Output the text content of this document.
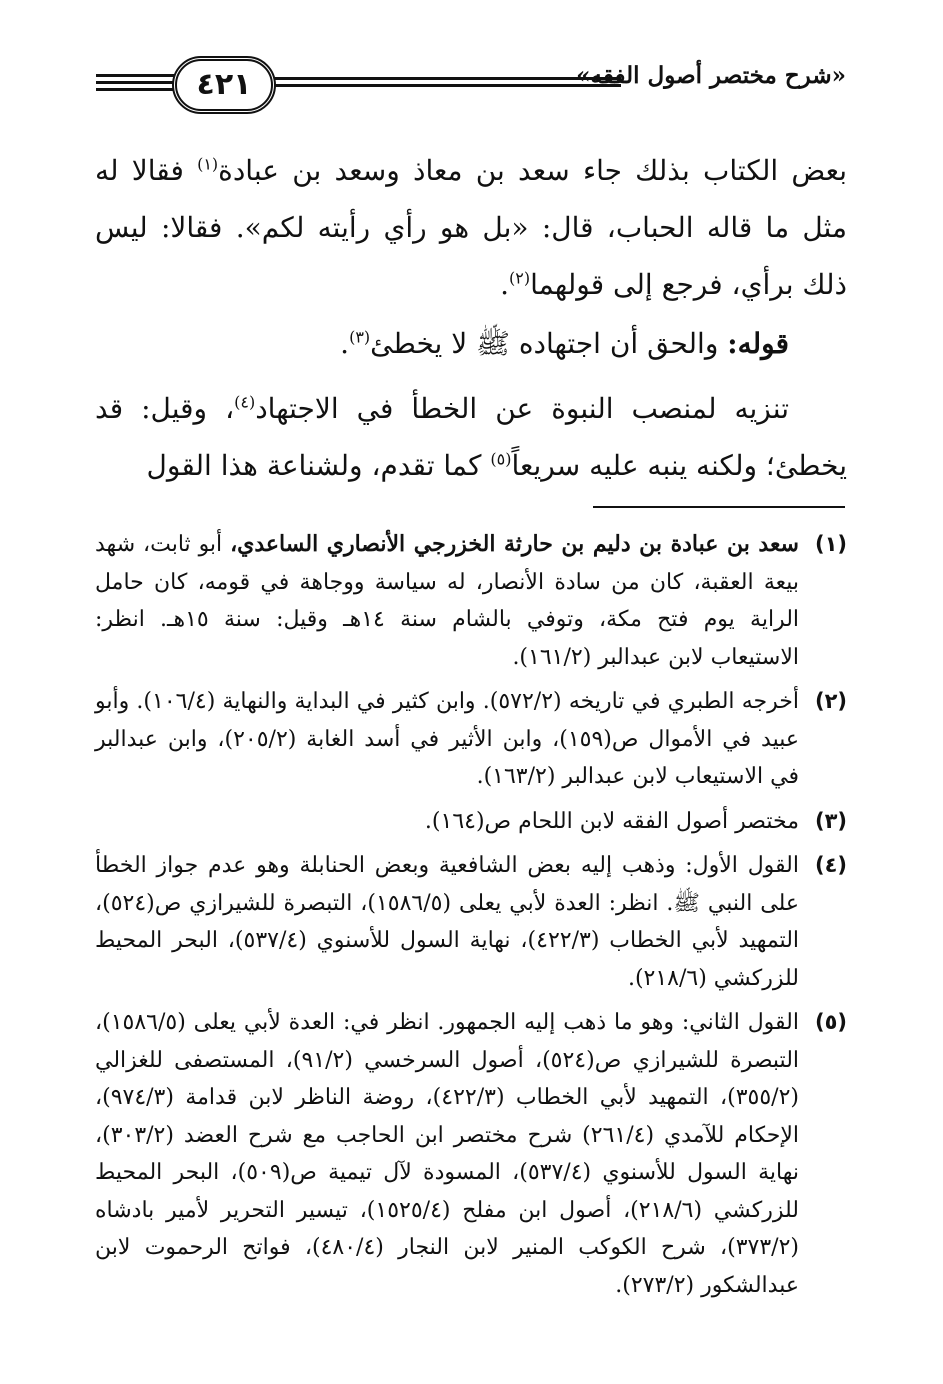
٤٢١	«شرح مختصر أصول الفقه»

بعض الكتاب بذلك جاء سعد بن معاذ وسعد بن عبادة$^{(١)}$ فقالا له مثل ما قاله الحباب، قال: «بل هو رأي رأيته لكم». فقالا: ليس ذلك برأي، فرجع إلى قولهما$^{(٢)}$.

قوله: والحق أن اجتهاده ﷺ لا يخطئ$^{(٣)}$.

تنزيه لمنصب النبوة عن الخطأ في الاجتهاد$^{(٤)}$، وقيل: قد يخطئ؛ ولكنه ينبه عليه سريعاً$^{(٥)}$ كما تقدم، ولشناعة هذا القول

(١)
سعد بن عبادة بن دليم بن حارثة الخزرجي الأنصاري الساعدي، أبو ثابت، شهد بيعة العقبة، كان من سادة الأنصار، له سياسة ووجاهة في قومه، كان حامل الراية يوم فتح مكة، وتوفي بالشام سنة ١٤هـ وقيل: سنة ١٥هـ. انظر: الاستيعاب لابن عبدالبر (١٦١/٢).
(٢)
أخرجه الطبري في تاريخه (٥٧٢/٢). وابن كثير في البداية والنهاية (١٠٦/٤). وأبو عبيد في الأموال ص(١٥٩)، وابن الأثير في أسد الغابة (٢٠٥/٢)، وابن عبدالبر في الاستيعاب لابن عبدالبر (١٦٣/٢).
(٣)
مختصر أصول الفقه لابن اللحام ص(١٦٤).
(٤)
القول الأول: وذهب إليه بعض الشافعية وبعض الحنابلة وهو عدم جواز الخطأ على النبي ﷺ. انظر: العدة لأبي يعلى (١٥٨٦/٥)، التبصرة للشيرازي ص(٥٢٤)، التمهيد لأبي الخطاب (٤٢٢/٣)، نهاية السول للأسنوي (٥٣٧/٤)، البحر المحيط للزركشي (٢١٨/٦).
(٥)
القول الثاني: وهو ما ذهب إليه الجمهور. انظر في: العدة لأبي يعلى (١٥٨٦/٥)، التبصرة للشيرازي ص(٥٢٤)، أصول السرخسي (٩١/٢)، المستصفى للغزالي (٣٥٥/٢)، التمهيد لأبي الخطاب (٤٢٢/٣)، روضة الناظر لابن قدامة (٩٧٤/٣)، الإحكام للآمدي (٢٦١/٤) شرح مختصر ابن الحاجب مع شرح العضد (٣٠٣/٢)، نهاية السول للأسنوي (٥٣٧/٤)، المسودة لآل تيمية ص(٥٠٩)، البحر المحيط للزركشي (٢١٨/٦)، أصول ابن مفلح (١٥٢٥/٤)، تيسير التحرير لأمير بادشاه (٣٧٣/٢)، شرح الكوكب المنير لابن النجار (٤٨٠/٤)، فواتح الرحموت لابن عبدالشكور (٢٧٣/٢).
